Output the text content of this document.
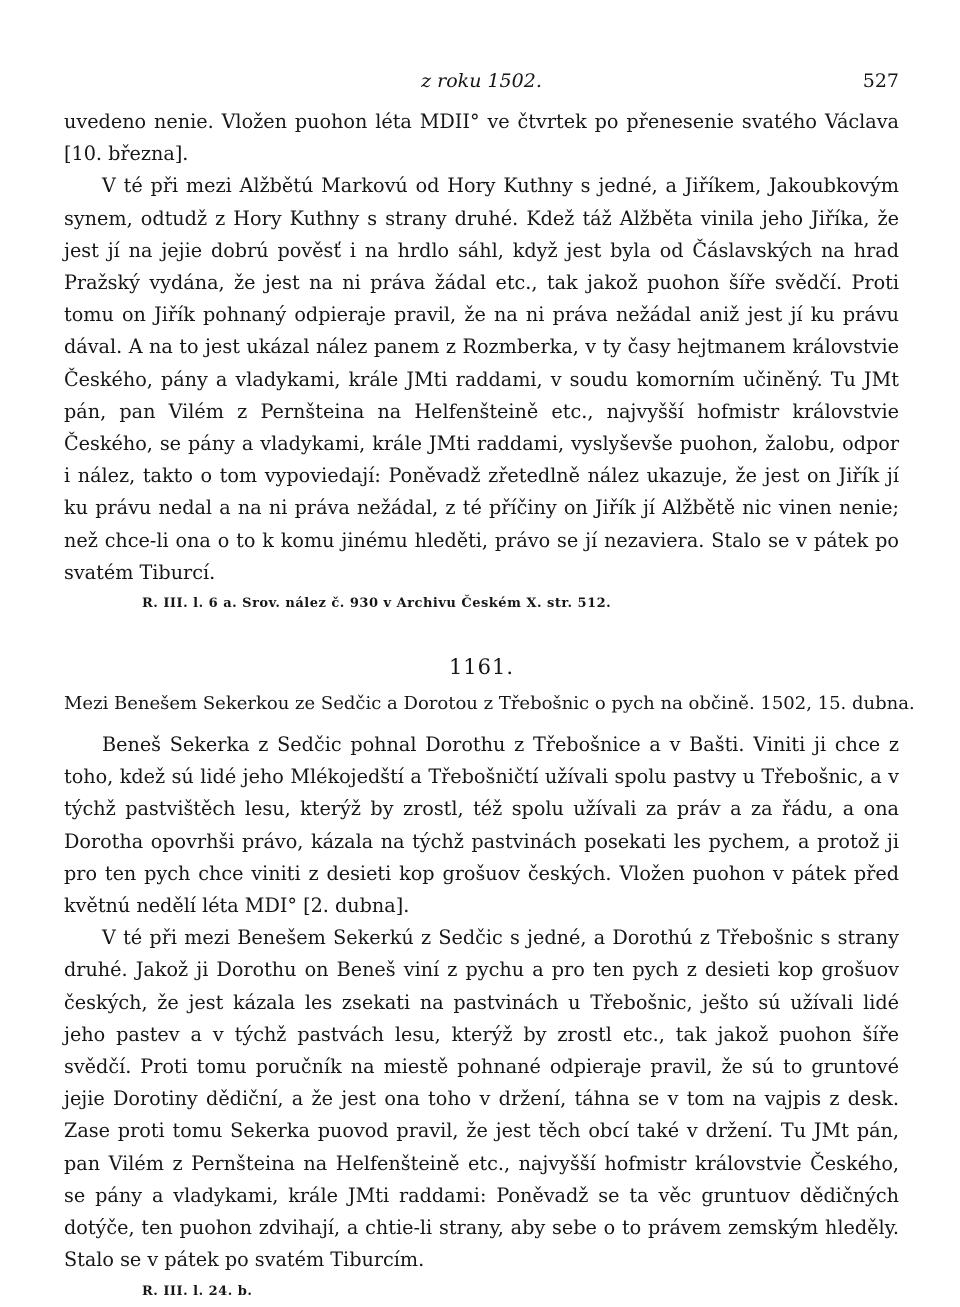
z roku 1502.	527

uvedeno nenie. Vložen puohon léta MDII° ve čtvrtek po přenesenie svatého Václava [10. března].

V té při mezi Alžbětú Markovú od Hory Kuthny s jedné, a Jiříkem, Jakoubkovým synem, odtudž z Hory Kuthny s strany druhé. Kdež táž Alžběta vinila jeho Jiříka, že jest jí na jejie dobrú pověsť i na hrdlo sáhl, když jest byla od Čáslavských na hrad Pražský vydána, že jest na ni práva žádal etc., tak jakož puohon šíře svědčí. Proti tomu on Jiřík pohnaný odpieraje pravil, že na ni práva nežádal aniž jest jí ku právu dával. A na to jest ukázal nález panem z Rozmberka, v ty časy hejtmanem královstvie Českého, pány a vladykami, krále JMti raddami, v soudu komorním učiněný. Tu JMt pán, pan Vilém z Pernšteina na Helfenšteině etc., najvyšší hofmistr královstvie Českého, se pány a vladykami, krále JMti raddami, vyslyševše puohon, žalobu, odpor i nález, takto o tom vypoviedají: Poněvadž zřetedlně nález ukazuje, že jest on Jiřík jí ku právu nedal a na ni práva nežádal, z té příčiny on Jiřík jí Alžbětě nic vinen nenie; než chce-li ona o to k komu jinému hleděti, právo se jí nezaviera. Stalo se v pátek po svatém Tiburcí.

R. III. l. 6 a. Srov. nález č. 930 v Archivu Českém X. str. 512.

1161.
Mezi Benešem Sekerkou ze Sedčic a Dorotou z Třebošnic o pych na občině. 1502, 15. dubna.

Beneš Sekerka z Sedčic pohnal Dorothu z Třebošnice a v Bašti. Viniti ji chce z toho, kdež sú lidé jeho Mlékojedští a Třebošničtí užívali spolu pastvy u Třebošnic, a v týchž pastvištěch lesu, kterýž by zrostl, též spolu užívali za práv a za řádu, a ona Dorotha opovrhši právo, kázala na týchž pastvinách posekati les pychem, a protož ji pro ten pych chce viniti z desieti kop grošuov českých. Vložen puohon v pátek před květnú nedělí léta MDI° [2. dubna].

V té při mezi Benešem Sekerkú z Sedčic s jedné, a Dorothú z Třebošnic s strany druhé. Jakož ji Dorothu on Beneš viní z pychu a pro ten pych z desieti kop grošuov českých, že jest kázala les zsekati na pastvinách u Třebošnic, ješto sú užívali lidé jeho pastev a v týchž pastvách lesu, kterýž by zrostl etc., tak jakož puohon šíře svědčí. Proti tomu poručník na miestě pohnané odpieraje pravil, že sú to gruntové jejie Dorotiny dědiční, a že jest ona toho v držení, táhna se v tom na vajpis z desk. Zase proti tomu Sekerka puovod pravil, že jest těch obcí také v držení. Tu JMt pán, pan Vilém z Pernšteina na Helfenšteině etc., najvyšší hofmistr královstvie Českého, se pány a vladykami, krále JMti raddami: Poněvadž se ta věc gruntuov dědičných dotýče, ten puohon zdvihají, a chtie-li strany, aby sebe o to právem zemským hleděly. Stalo se v pátek po svatém Tiburcím.

R. III. l. 24. b.
